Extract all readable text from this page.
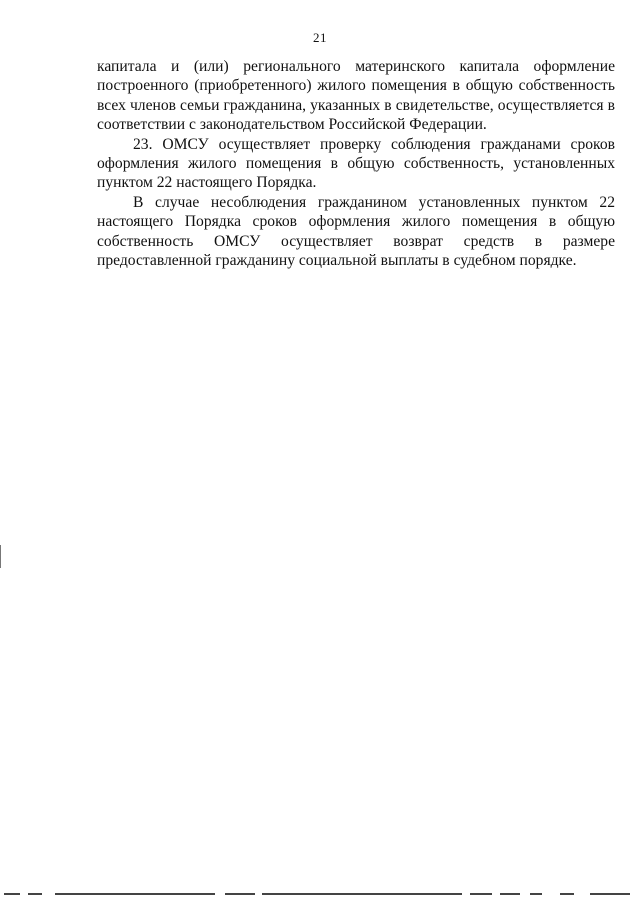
21

капитала и (или) регионального материнского капитала оформление построенного (приобретенного) жилого помещения в общую собственность всех членов семьи гражданина, указанных в свидетельстве, осуществляется в соответствии с законодательством Российской Федерации.

23. ОМСУ осуществляет проверку соблюдения гражданами сроков оформления жилого помещения в общую собственность, установленных пунктом 22 настоящего Порядка.

В случае несоблюдения гражданином установленных пунктом 22 настоящего Порядка сроков оформления жилого помещения в общую собственность ОМСУ осуществляет возврат средств в размере предоставленной гражданину социальной выплаты в судебном порядке.
